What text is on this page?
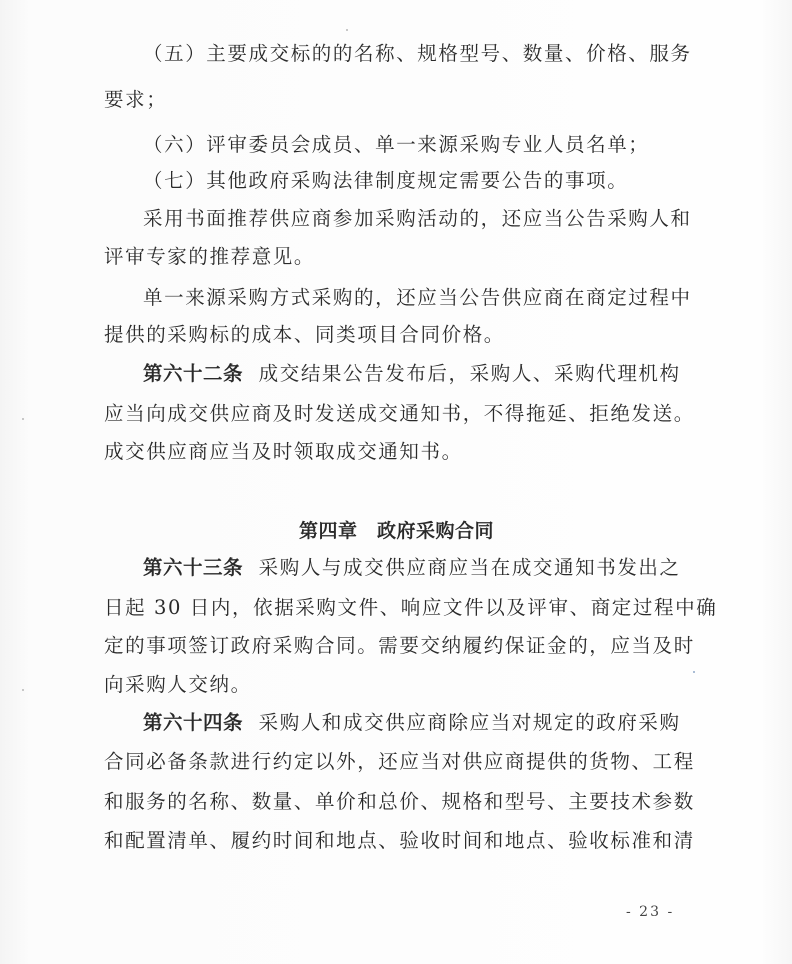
（五）主要成交标的的名称、规格型号、数量、价格、服务
要求；
（六）评审委员会成员、单一来源采购专业人员名单；
（七）其他政府采购法律制度规定需要公告的事项。
采用书面推荐供应商参加采购活动的，还应当公告采购人和
评审专家的推荐意见。
单一来源采购方式采购的，还应当公告供应商在商定过程中
提供的采购标的成本、同类项目合同价格。
第六十二条 成交结果公告发布后，采购人、采购代理机构
应当向成交供应商及时发送成交通知书，不得拖延、拒绝发送。
成交供应商应当及时领取成交通知书。
第四章　政府采购合同
第六十三条 采购人与成交供应商应当在成交通知书发出之
日起 30 日内，依据采购文件、响应文件以及评审、商定过程中确
定的事项签订政府采购合同。需要交纳履约保证金的，应当及时
向采购人交纳。
第六十四条 采购人和成交供应商除应当对规定的政府采购
合同必备条款进行约定以外，还应当对供应商提供的货物、工程
和服务的名称、数量、单价和总价、规格和型号、主要技术参数
和配置清单、履约时间和地点、验收时间和地点、验收标准和清
- 23 -
